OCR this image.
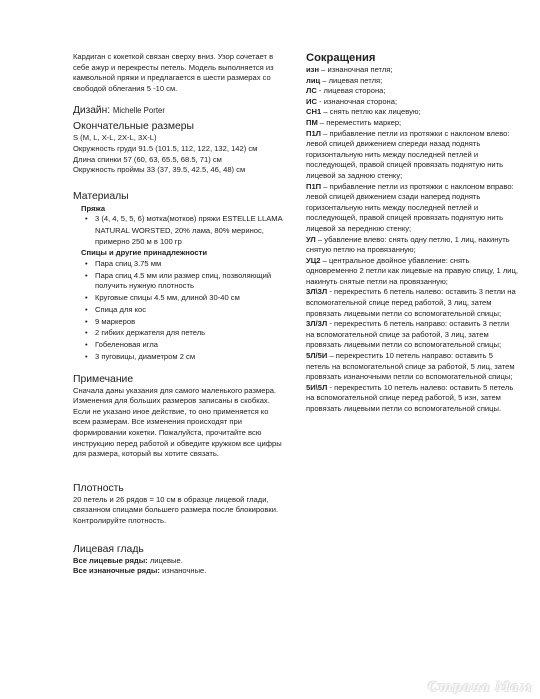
Кардиган с кокеткой связан сверху вниз. Узор сочетает в себе ажур и перекресты петель. Модель выполняется из камвольной пряжи и предлагается в шести размерах со свободой облегания 5 -10 см.

Дизайн: Michelle Porter
Окончательные размеры

S (M, L, X-L, 2X-L, 3X-L)

Окружность груди 91.5 (101.5, 112, 122, 132, 142) см

Длина спинки 57 (60, 63, 65.5, 68.5, 71) см

Окружность проймы 33 (37, 39.5, 42.5, 46, 48) см

Материалы
Пряжа
• 3 (4, 4, 5, 5, 6) мотка(мотков) пряжи ESTELLE LLAMA
NATURAL WORSTED, 20% лама, 80% меринос, примерно 250 м в 100 гр
Спицы и другие принадлежности
• Пара спиц 3.75 мм
• Пара спиц 4.5 мм или размер спиц, позволяющий получить нужную плотность
• Круговые спицы 4.5 мм, длиной 30-40 см
• Спица для кос
• 9 маркеров
• 2 гибких держателя для петель
• Гобеленовая игла
• 3 пуговицы, диаметром 2 см
Примечание

Сначала даны указания для самого маленького размера. Изменения для больших размеров записаны в скобках. Если не указано иное действие, то оно применяется ко всем размерам. Все изменения происходят при формировании кокетки. Пожалуйста, прочитайте всю инструкцию перед работой и обведите кружком все цифры для размера, который вы хотите связать.

Плотность

20 петель и 26 рядов = 10 см в образце лицевой глади, связанном спицами большего размера после блокировки. Контролируйте плотность.

Лицевая гладь

Все лицевые ряды: лицевые.

Все изнаночные ряды: изнаночные.

Сокращения

изн – изнаночная петля;

лиц – лицевая петля;

ЛС - лицевая сторона;

ИС - изнаночная сторона;

СН1 – снять петлю как лицевую;

ПМ – переместить маркер;

П1Л – прибавление петли из протяжки с наклоном влево: левой спицей движением спереди назад поднять горизонтальную нить между последней петлей и последующей, правой спицей провязать поднятую нить лицевой за заднюю стенку;

П1П – прибавление петли из протяжки с наклоном вправо: левой спицей движением сзади наперед поднять горизонтальную нить между последней петлей и последующей, правой спицей провязать поднятую нить лицевой за переднюю стенку;

УЛ – убавление влево: снять одну петлю, 1 лиц, накинуть снятую петлю на провязанную;

УЦ2 – центральное двойное убавление: снять одновременно 2 петли как лицевые на правую спицу, 1 лиц, накинуть снятые петли на провязанную;

3Л\3Л - перекрестить 6 петель налево: оставить 3 петли на вспомогательной спице перед работой, 3 лиц, затем провязать лицевыми петли со вспомогательной спицы;

3Л/3Л - перекрестить 6 петель направо: оставить 3 петли на вспомогательной спице за работой, 3 лиц, затем провязать лицевыми петли со вспомогательной спицы;

5Л/5И – перекрестить 10 петель направо: оставить 5 петель на вспомогательной спице за работой, 5 лиц, затем провязать изнаночными петли со вспомогательной спицы;

5И\5Л - перекрестить 10 петель налево: оставить 5 петель на вспомогательной спице перед работой, 5 изн, затем провязать лицевыми петли со вспомогательной спицы.

Страна Мам
